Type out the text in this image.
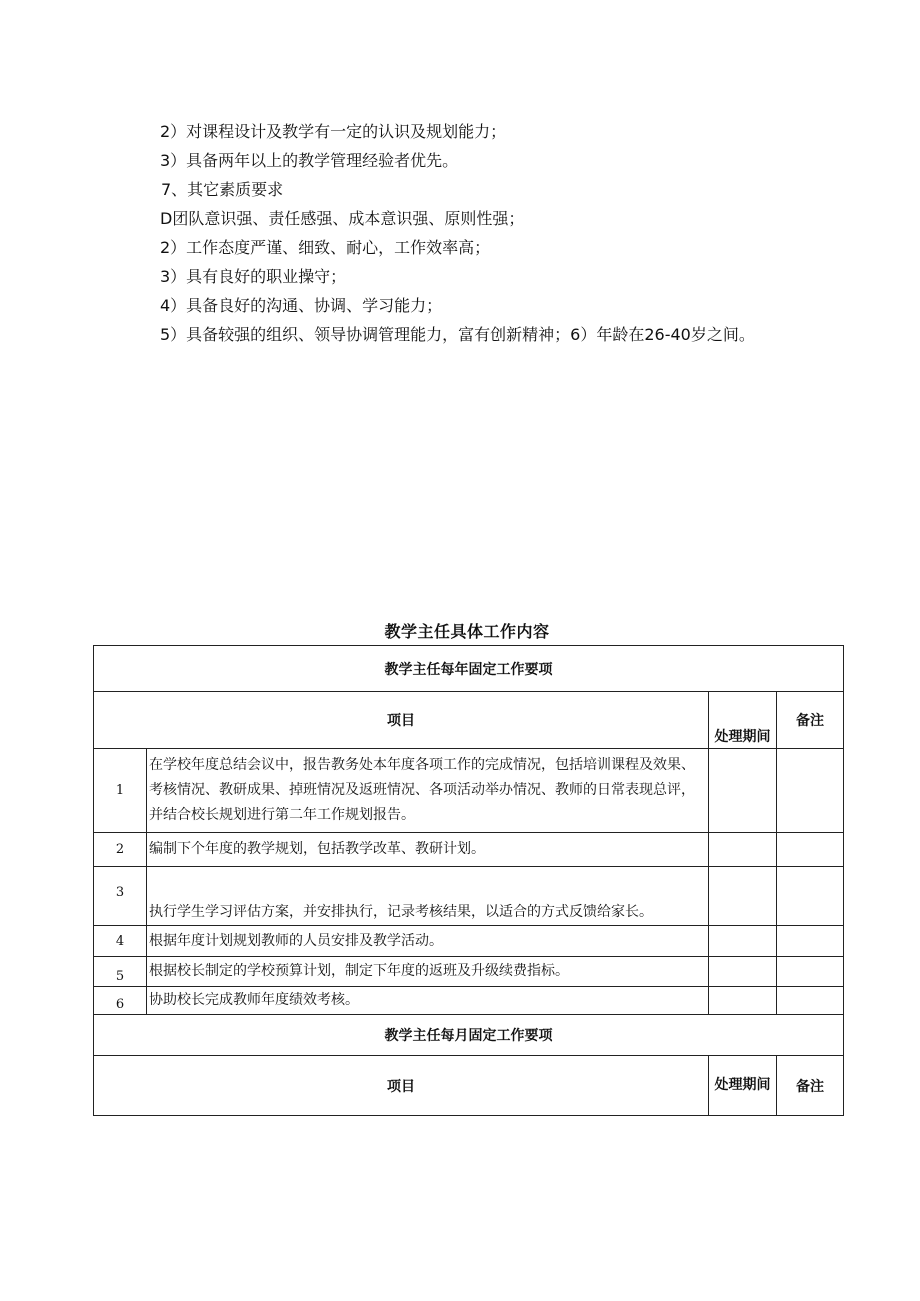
2）对课程设计及教学有一定的认识及规划能力；
3）具备两年以上的教学管理经验者优先。
7、其它素质要求
D团队意识强、责任感强、成本意识强、原则性强；
2）工作态度严谨、细致、耐心，工作效率高；
3）具有良好的职业操守；
4）具备良好的沟通、协调、学习能力；
5）具备较强的组织、领导协调管理能力，富有创新精神；6）年龄在26-40岁之间。
教学主任具体工作内容
教学主任每年固定工作要项			
项目		处理期间	备注
1	在学校年度总结会议中，报告教务处本年度各项工作的完成情况，包括培训课程及效果、考核情况、教研成果、掉班情况及返班情况、各项活动举办情况、教师的日常表现总评，并结合校长规划进行第二年工作规划报告。		
2	编制下个年度的教学规划，包括教学改革、教研计划。		
3	执行学生学习评估方案，并安排执行，记录考核结果，以适合的方式反馈给家长。		
4	根据年度计划规划教师的人员安排及教学活动。		
5	根据校长制定的学校预算计划，制定下年度的返班及升级续费指标。		
6	协助校长完成教师年度绩效考核。		
教学主任每月固定工作要项			
项目		处理期间	备注
